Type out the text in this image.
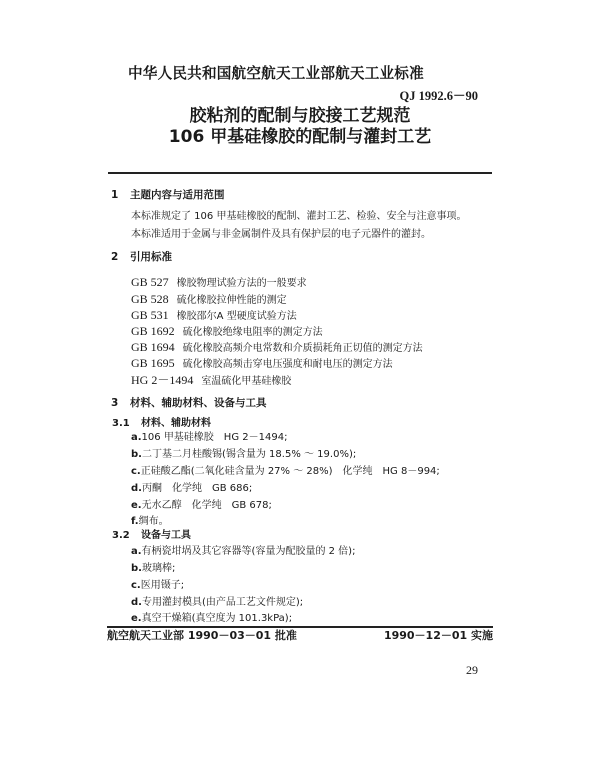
中华人民共和国航空航天工业部航天工业标准
QJ 1992.6－90
胶粘剂的配制与胶接工艺规范
106 甲基硅橡胶的配制与灌封工艺
1 主题内容与适用范围
本标准规定了 106 甲基硅橡胶的配制、灌封工艺、检验、安全与注意事项。
本标准适用于金属与非金属制件及具有保护层的电子元器件的灌封。
2 引用标准
GB 527 橡胶物理试验方法的一般要求
GB 528 硫化橡胶拉伸性能的测定
GB 531 橡胶邵尔A 型硬度试验方法
GB 1692 硫化橡胶绝缘电阻率的测定方法
GB 1694 硫化橡胶高频介电常数和介质损耗角正切值的测定方法
GB 1695 硫化橡胶高频击穿电压强度和耐电压的测定方法
HG 2－1494 室温硫化甲基硅橡胶
3 材料、辅助材料、设备与工具
3.1 材料、辅助材料
a.106 甲基硅橡胶　HG 2－1494;
b.二丁基二月桂酸锡(锡含量为 18.5% ～ 19.0%);
c.正硅酸乙酯(二氧化硅含量为 27% ～ 28%)　化学纯　HG 8－994;
d.丙酮　化学纯　GB 686;
e.无水乙醇　化学纯　GB 678;
f.绸布。
3.2 设备与工具
a.有柄瓷坩埚及其它容器等(容量为配胶量的 2 倍);
b.玻璃棒;
c.医用镊子;
d.专用灌封模具(由产品工艺文件规定);
e.真空干燥箱(真空度为 101.3kPa);
航空航天工业部 1990－03－01 批准	1990－12－01 实施
29
